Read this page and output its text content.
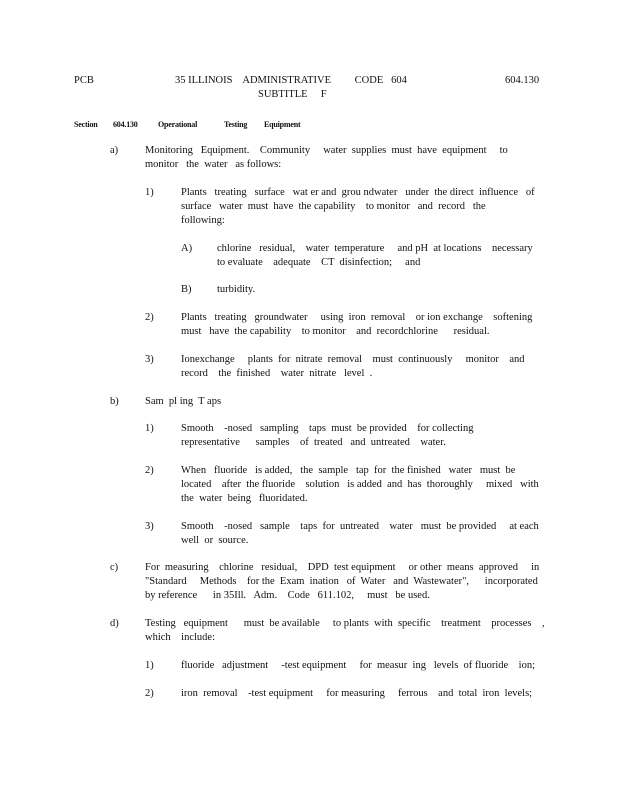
PCB	35 ILLINOIS    ADMINISTRATIVE         CODE   604
SUBTITLE     F
604.130
Section 604.130	Operational	Testing Equipment
a)	Monitoring   Equipment.    Community     water  supplies  must  have  equipment     to
monitor   the  water   as follows:
1)	Plants   treating   surface   wat er and  grou ndwater   under  the direct  influence   of
surface   water  must  have  the capability    to monitor   and  record   the
following:
A) chlorine   residual,    water  temperature     and pH  at locations    necessary
to evaluate    adequate    CT  disinfection;     and
B) turbidity.
2)	Plants   treating   groundwater     using  iron  removal    or ion exchange    softening
must   have  the capability    to monitor    and  recordchlorine      residual.
3)	Ionexchange     plants  for  nitrate  removal    must  continuously     monitor    and
record    the  finished    water  nitrate   level  .
b)	Sam  pl ing  T aps
1)	Smooth    -nosed   sampling    taps  must  be provided    for collecting
representative      samples    of  treated   and  untreated    water.
2)	When   fluoride   is added,   the  sample   tap  for  the finished   water   must  be
located    after  the fluoride    solution   is added  and  has  thoroughly     mixed   with
the  water  being   fluoridated.
3)	Smooth    -nosed   sample    taps  for  untreated    water   must  be provided     at each
well  or  source.
c)	For  measuring    chlorine   residual,    DPD  test equipment     or other  means  approved     in
"Standard     Methods    for the  Exam  ination   of  Water   and  Wastewater",      incorporated
by reference      in 35Ill.   Adm.    Code   611.102,     must   be used.
d)	Testing   equipment      must  be available     to plants  with  specific    treatment    processes    ,
which    include:
1)	fluoride   adjustment     -test equipment     for  measur  ing   levels  of fluoride    ion;
2)	iron  removal    -test equipment     for measuring     ferrous    and  total  iron  levels;
